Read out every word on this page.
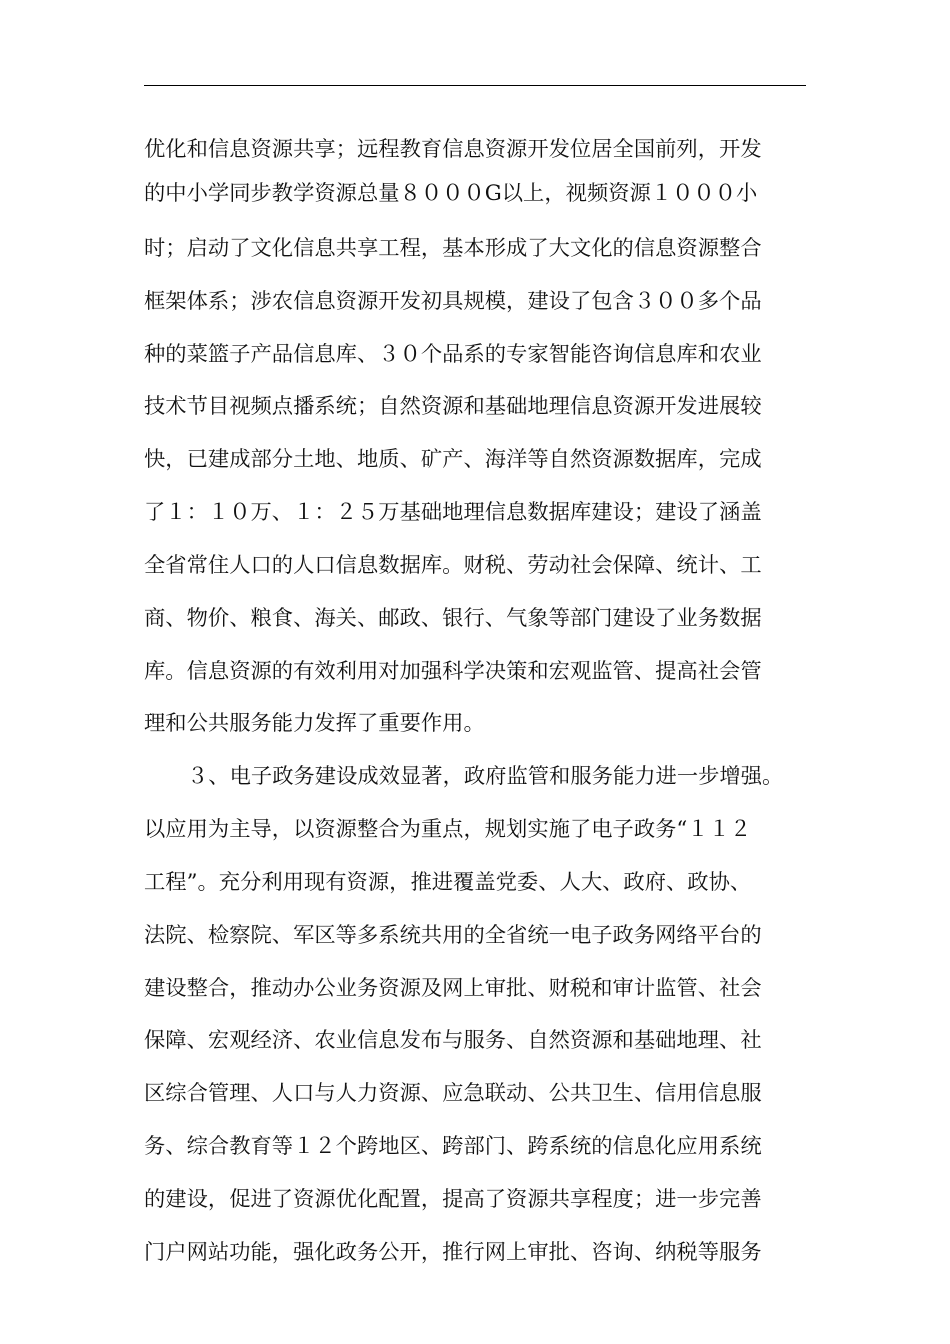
优化和信息资源共享；远程教育信息资源开发位居全国前列，开发

的中小学同步教学资源总量８０００G以上，视频资源１０００小

时；启动了文化信息共享工程，基本形成了大文化的信息资源整合

框架体系；涉农信息资源开发初具规模，建设了包含３００多个品

种的菜篮子产品信息库、３０个品系的专家智能咨询信息库和农业

技术节目视频点播系统；自然资源和基础地理信息资源开发进展较

快，已建成部分土地、地质、矿产、海洋等自然资源数据库，完成

了１：１０万、１：２５万基础地理信息数据库建设；建设了涵盖

全省常住人口的人口信息数据库。财税、劳动社会保障、统计、工

商、物价、粮食、海关、邮政、银行、气象等部门建设了业务数据

库。信息资源的有效利用对加强科学决策和宏观监管、提高社会管

理和公共服务能力发挥了重要作用。

３、电子政务建设成效显著，政府监管和服务能力进一步增强。

以应用为主导，以资源整合为重点，规划实施了电子政务“１１２

工程”。充分利用现有资源，推进覆盖党委、人大、政府、政协、

法院、检察院、军区等多系统共用的全省统一电子政务网络平台的

建设整合，推动办公业务资源及网上审批、财税和审计监管、社会

保障、宏观经济、农业信息发布与服务、自然资源和基础地理、社

区综合管理、人口与人力资源、应急联动、公共卫生、信用信息服

务、综合教育等１２个跨地区、跨部门、跨系统的信息化应用系统

的建设，促进了资源优化配置，提高了资源共享程度；进一步完善

门户网站功能，强化政务公开，推行网上审批、咨询、纳税等服务
